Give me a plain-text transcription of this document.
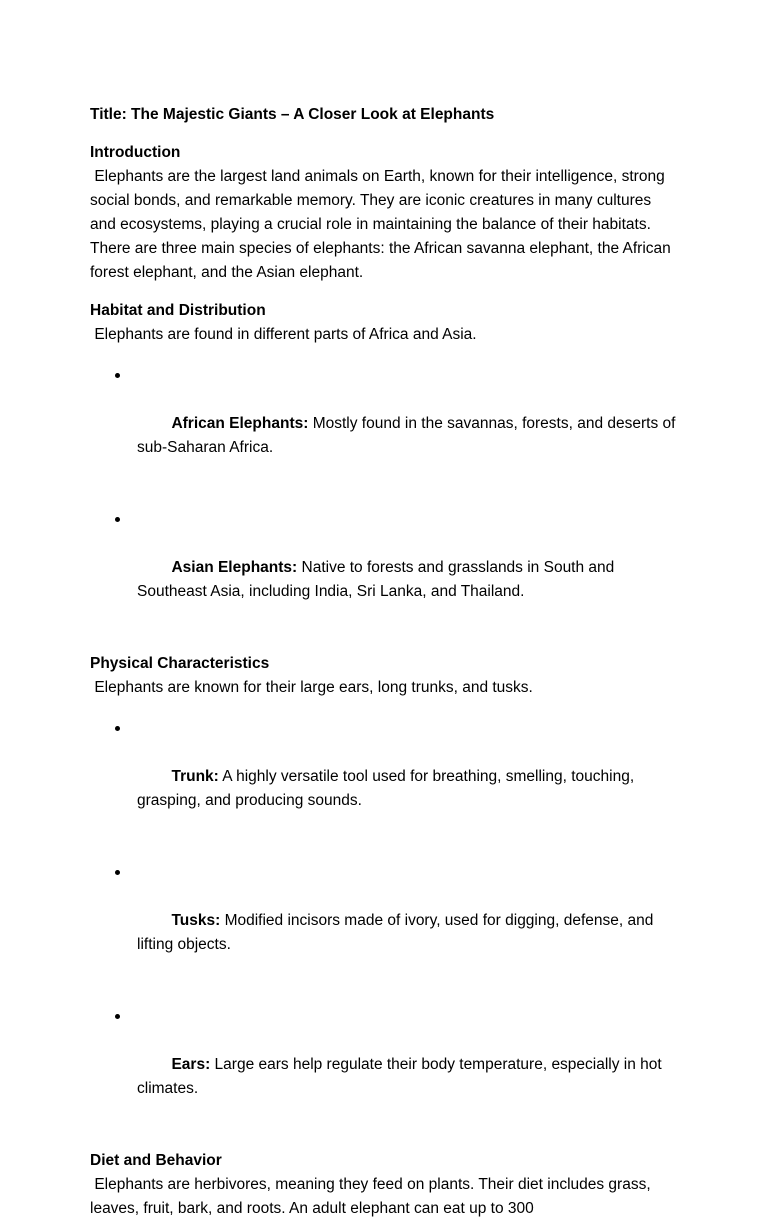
Title: The Majestic Giants – A Closer Look at Elephants

Introduction

Elephants are the largest land animals on Earth, known for their intelligence, strong social bonds, and remarkable memory. They are iconic creatures in many cultures and ecosystems, playing a crucial role in maintaining the balance of their habitats. There are three main species of elephants: the African savanna elephant, the African forest elephant, and the Asian elephant.

Habitat and Distribution

Elephants are found in different parts of Africa and Asia.

African Elephants: Mostly found in the savannas, forests, and deserts of sub-Saharan Africa.

Asian Elephants: Native to forests and grasslands in South and Southeast Asia, including India, Sri Lanka, and Thailand.

Physical Characteristics

Elephants are known for their large ears, long trunks, and tusks.

Trunk: A highly versatile tool used for breathing, smelling, touching, grasping, and producing sounds.

Tusks: Modified incisors made of ivory, used for digging, defense, and lifting objects.

Ears: Large ears help regulate their body temperature, especially in hot climates.

Diet and Behavior

Elephants are herbivores, meaning they feed on plants. Their diet includes grass, leaves, fruit, bark, and roots. An adult elephant can eat up to 300
